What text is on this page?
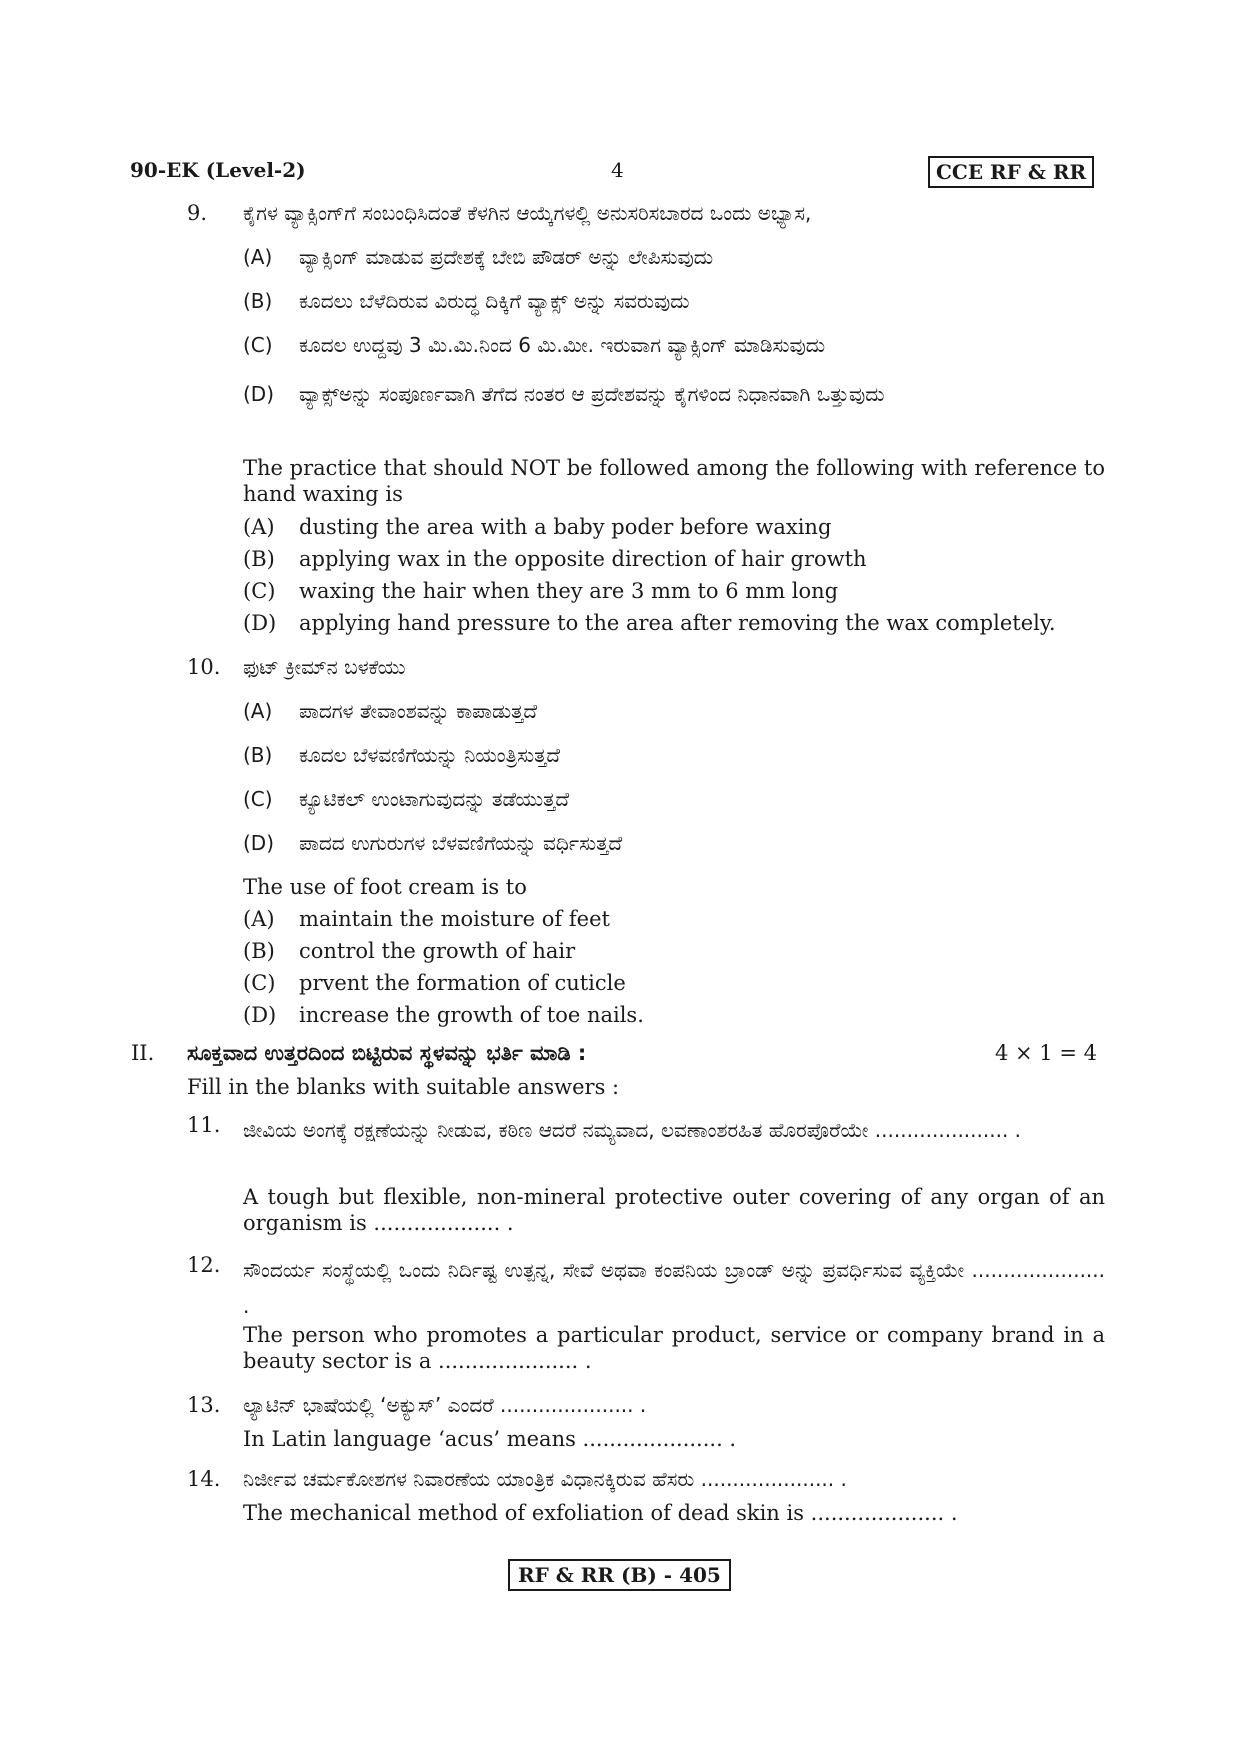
90-EK (Level-2)	4	CCE RF & RR
9. ಕೈಗಳ ವ್ಯಾಕ್ಸಿಂಗ್‌ಗೆ ಸಂಬಂಧಿಸಿದಂತೆ ಕೆಳಗಿನ ಆಯ್ಕೆಗಳಲ್ಲಿ ಅನುಸರಿಸಬಾರದ ಒಂದು ಅಭ್ಯಾಸ,
(A) ವ್ಯಾಕ್ಸಿಂಗ್ ಮಾಡುವ ಪ್ರದೇಶಕ್ಕೆ ಬೇಬಿ ಪೌಡರ್ ಅನ್ನು ಲೇಪಿಸುವುದು
(B) ಕೂದಲು ಬೆಳೆದಿರುವ ವಿರುದ್ಧ ದಿಕ್ಕಿಗೆ ವ್ಯಾಕ್ಸ್ ಅನ್ನು ಸವರುವುದು
(C) ಕೂದಲ ಉದ್ದವು 3 ಮಿ.ಮಿ.ನಿಂದ 6 ಮಿ.ಮೀ. ಇರುವಾಗ ವ್ಯಾಕ್ಸಿಂಗ್ ಮಾಡಿಸುವುದು
(D) ವ್ಯಾಕ್ಸ್‌ಅನ್ನು ಸಂಪೂರ್ಣವಾಗಿ ತೆಗೆದ ನಂತರ ಆ ಪ್ರದೇಶವನ್ನು ಕೈಗಳಿಂದ ನಿಧಾನವಾಗಿ ಒತ್ತುವುದು
The practice that should NOT be followed among the following with reference to hand waxing is
(A) dusting the area with a baby poder before waxing
(B) applying wax in the opposite direction of hair growth
(C) waxing the hair when they are 3 mm to 6 mm long
(D) applying hand pressure to the area after removing the wax completely.
10. ಫುಟ್ ಕ್ರೀಮ್‌ನ ಬಳಕೆಯು
(A) ಪಾದಗಳ ತೇವಾಂಶವನ್ನು ಕಾಪಾಡುತ್ತದೆ
(B) ಕೂದಲ ಬೆಳವಣಿಗೆಯನ್ನು ನಿಯಂತ್ರಿಸುತ್ತದೆ
(C) ಕ್ಯೂಟಿಕಲ್ ಉಂಟಾಗುವುದನ್ನು ತಡೆಯುತ್ತದೆ
(D) ಪಾದದ ಉಗುರುಗಳ ಬೆಳವಣಿಗೆಯನ್ನು ವರ್ಧಿಸುತ್ತದೆ
The use of foot cream is to
(A) maintain the moisture of feet
(B) control the growth of hair
(C) prvent the formation of cuticle
(D) increase the growth of toe nails.
II. ಸೂಕ್ತವಾದ ಉತ್ತರದಿಂದ ಬಿಟ್ಟಿರುವ ಸ್ಥಳವನ್ನು ಭರ್ತಿ ಮಾಡಿ :	4 × 1 = 4
Fill in the blanks with suitable answers :
11. ಜೀವಿಯ ಅಂಗಕ್ಕೆ ರಕ್ಷಣೆಯನ್ನು ನೀಡುವ, ಕಠಿಣ ಆದರೆ ನಮ್ಯವಾದ, ಲವಣಾಂಶರಹಿತ ಹೊರಪೊರೆಯೇ ..................... .
A tough but flexible, non-mineral protective outer covering of any organ of an organism is ................... .
12. ಸೌಂದರ್ಯ ಸಂಸ್ಥೆಯಲ್ಲಿ ಒಂದು ನಿರ್ದಿಷ್ಟ ಉತ್ಪನ್ನ, ಸೇವೆ ಅಥವಾ ಕಂಪನಿಯ ಬ್ರಾಂಡ್ ಅನ್ನು ಪ್ರವರ್ಧಿಸುವ ವ್ಯಕ್ತಿಯೇ ..................... .
The person who promotes a particular product, service or company brand in a beauty sector is a ..................... .
13. ಲ್ಯಾಟಿನ್ ಭಾಷೆಯಲ್ಲಿ ‘ಅಕ್ಯುಸ್’ ಎಂದರೆ ..................... .
In Latin language ‘acus’ means ..................... .
14. ನಿರ್ಜೀವ ಚರ್ಮಕೋಶಗಳ ನಿವಾರಣೆಯ ಯಾಂತ್ರಿಕ ವಿಧಾನಕ್ಕಿರುವ ಹೆಸರು ..................... .
The mechanical method of exfoliation of dead skin is .................... .
RF & RR (B) - 405
